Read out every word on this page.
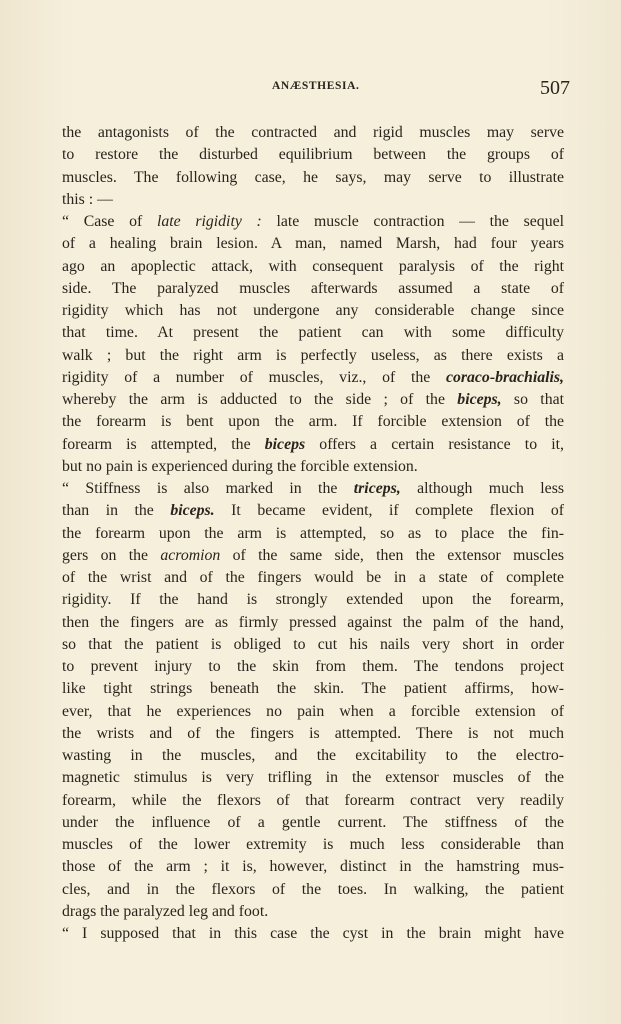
ANÆSTHESIA.	507
the antagonists of the contracted and rigid muscles may serve
to restore the disturbed equilibrium between the groups of
muscles. The following case, he says, may serve to illustrate
this : —
“ Case of late rigidity : late muscle contraction — the sequel
of a healing brain lesion. A man, named Marsh, had four years
ago an apoplectic attack, with consequent paralysis of the right
side. The paralyzed muscles afterwards assumed a state of
rigidity which has not undergone any considerable change since
that time. At present the patient can with some difficulty
walk ; but the right arm is perfectly useless, as there exists a
rigidity of a number of muscles, viz., of the coraco-brachialis,
whereby the arm is adducted to the side ; of the biceps, so that
the forearm is bent upon the arm. If forcible extension of the
forearm is attempted, the biceps offers a certain resistance to it,
but no pain is experienced during the forcible extension.
“ Stiffness is also marked in the triceps, although much less
than in the biceps. It became evident, if complete flexion of
the forearm upon the arm is attempted, so as to place the fin-
gers on the acromion of the same side, then the extensor muscles
of the wrist and of the fingers would be in a state of complete
rigidity. If the hand is strongly extended upon the forearm,
then the fingers are as firmly pressed against the palm of the hand,
so that the patient is obliged to cut his nails very short in order
to prevent injury to the skin from them. The tendons project
like tight strings beneath the skin. The patient affirms, how-
ever, that he experiences no pain when a forcible extension of
the wrists and of the fingers is attempted. There is not much
wasting in the muscles, and the excitability to the electro-
magnetic stimulus is very trifling in the extensor muscles of the
forearm, while the flexors of that forearm contract very readily
under the influence of a gentle current. The stiffness of the
muscles of the lower extremity is much less considerable than
those of the arm ; it is, however, distinct in the hamstring mus-
cles, and in the flexors of the toes. In walking, the patient
drags the paralyzed leg and foot.
“ I supposed that in this case the cyst in the brain might have
